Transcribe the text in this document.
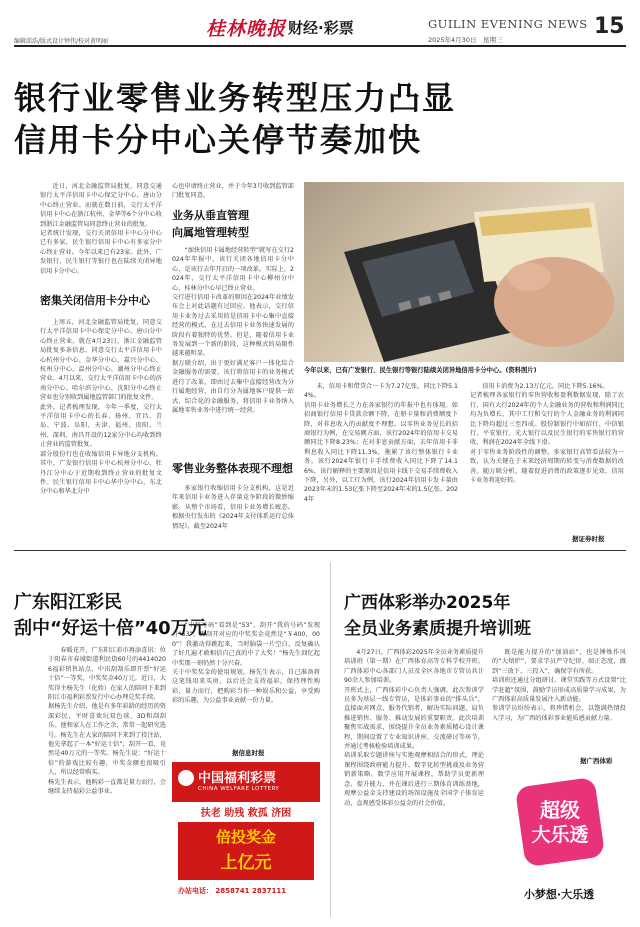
编辑邱浩/版式设计钟伟/校对黄明丽
桂林晚报 财经·彩票	GUILIN EVENING NEWS
2025年4月30日　星期三
15
银行业零售业务转型压力凸显
信用卡分中心关停节奏加快
近日，河北金融监管局批复，同意交通银行太平洋信用卡中心保定分中心、唐山分中心终止营业。而就在数日前，交行太平洋信用卡中心在浙江杭州、金华等6个分中心收到浙江金融监管局同意终止营业的批复。
记者统计发现，交行关闭信用卡中心分中心已有多家，民生银行信用卡中心有多家分中心终止营业。今年以来已有23家。此外，广发银行、民生银行等银行也在陆续关闭异地信用卡分中心。
密集关闭信用卡分中心
上周五，河北金融监管局批复，同意交行太平洋信用卡中心保定分中心、唐山分中心终止营业。就在4月23日，浙江金融监管局批复多条信息，同意交行太平洋信用卡中心杭州分中心、金华分中心、嘉兴分中心、杭州分中心、温州分中心、湖州分中心终止营业。4月以来，交行太平洋信用卡中心的济南分中心、哈尔滨分中心、沈阳分中心终止营业也分别收到属地监管部门的批复文件。
此外，记者梳理发现，今年一季度，交行太平洋信用卡中心的长春、扬州、宜昌、青岛、宁波、阜阳、天津、福州、贵阳、兰州、深圳、南昌开设的12家分中心均收到终止营业的监管批复。
部分股份行也在收缩信用卡异地分支机构。其中，广发银行信用卡中心杭州分中心、牡丹江分中心于近期收到终止营业的批复文件。民生银行信用卡中心华中分中心、东北分中心和华北分中
心也申请终止营业，并于今年3月收到监管部门批复同意。
业务从垂直管理
向属地管理转型
“加快信用卡属地经营转型”就写在交行2024年年报中，该行关闭各地信用卡分中心，是该行去年开启的一项改革。实际上，2024年，交行太平洋信用卡中心柳州分中心、桂林分中心早已终止营业。
交行进行信用卡改革的原因在2024年业绩发布会上对此话题有过回应。他表示，交行信用卡业务过去采用的是信用卡中心集中直接经营的模式，在过去信用卡业务快速发展的阶段有着独特的优势。但是，随着信用卡业务发展到一个新的阶段，这种模式的局限性越来越明显。
据万联介绍，出于更好满足客户一体化综合金融服务的需要，该行将信用卡的业务模式进行了改革，即由过去集中直接经营改为分行属地经营，由自行分为属地客户提供一站式、综合化的金融服务，将信用卡业务纳入属地零售业务中进行统一经营。
零售业务整体表现不理想
多家银行收缩信用卡分支机构，这是近年来信用卡业务进入存量竞争阶段的微妙缩影。从整个市场看，信用卡业务增长疲态。根据央行发布的《2024年支付体系运行总体情况》，截至2024年
今年以来，已有广发银行、民生银行等银行陆续关闭异地信用卡分中心。(资料图片)
末，信用卡和借贷合一卡为7.27亿张，同比下降5.14%。
信用卡业务增长乏力在各家银行的年报中也有体现。如招商银行信用卡贷款余额下降，在册卡量和消费额度下降，对非息收入的贡献度不理想。以零售业务见长的招商银行为例，在交易额方面，该行2024年的信用卡交易额同比下降8.23%；在对非息贡献方面，去年信用卡非利息收入同比下降11.3%，拖累了该行整体银行卡业务。该行2024年银行卡手续费收入同比下降了14.16%，该行解释的主要原因是信用卡线下交易手续费收入下降，另外，以工行为例，该行2024年信用卡发卡量由2023年末的1.53亿张下降至2024年末的1.5亿张。2024年
信用卡消费为2.13万亿元，同比下降5.16%。
记者梳理各家银行的零售营收和盈利数据发现，除了农行、国有大行2024年的个人金融业务的营收和利润同比均为负增长，其中工行和交行的个人金融业务的利润同比下降均超过三至四成。股份制银行中如招行、中信银行、平安银行、光大银行以及民生银行的零售银行的营收、利润在2024年全线下滑。
对于零售业务阶段性的调整，多家银行高管看法较为一致，认为关键在于未来经济周期的转变与消费数据的改善。随万联分析，随着促进消费的政策逐步见效，信用卡业务将迎好转。
据证券时报
广东阳江彩民
刮中“好运十倍”40万元
春暖花开，广东阳江彩市再添喜讯：位于阳春市春城街道利民街60号的44140206福彩销售站点，中出刮刮乐即开票“好运十倍”一等奖，中奖奖金40万元。近日，大奖得主杨先生（化姓）在家人的陪同下来到阳江市福利彩票发行中心办理兑奖手续。
据杨先生介绍，他是有多年彩龄的经历的资深彩民，平时喜欢玩双色球、3D和刮刮乐。他和家人在工作之余，常常一起研究选号。杨先生在大家的陪同下来到了投注站，他先拿起了一本“好运十倍”，刮开一看，竟然是40万元的一等奖。杨先生说：“好运十倍”的游戏比较有趣，中奖金额也很吸引人，所以经常购买。
杨先生表示，他购彩一直都是量力而行，会继续支持福彩公益事业。
“中奖号码”看到是“53”，刮开“我的号码”发现有“53”，再刮开对应的中奖奖金竟然是“￥400，000”！我激动得跳起来，当时脑袋一片空白，反复确认了好几遍才敢相信自己真的中了大奖！”杨先生回忆起中奖那一刻仍然十分兴奋。
关于中奖奖金的使用规划，杨先生表示，自己准备将这笔钱用来买房，以后还会支持福彩，保持理性购彩，量力而行，把购彩当作一种娱乐和公益，享受购彩的乐趣，为公益事业贡献一份力量。
据信息时报
中国福利彩票
CHINA WELFARE LOTTERY
扶老 助残 救孤 济困
倍投奖金
上亿元
办站电话： 2858741 2837111
广西体彩举办2025年
全员业务素质提升培训班
4月27日，广西体彩2025年全员业务素质提升培训班（第一期）在广西体育高等专科学校开班。广西体彩中心各部门人员及全区各地市专管员共计90余人参加培训。
开班式上，广西体彩中心负责人强调，此次参训学员多为基层一线专管员，是体彩事业的“排头兵”，直接面对网点、服务代销者，解决实际问题，肩负推进销售、服务、推动发展的重要职责。此次培训聚焦实战需求，围绕提升全员业务素质精心设计课程，期间设置了专业知识讲座、交流研讨等环节，并通过考核检验培训成果。
培训采取专题讲座与实地观摩相结合的形式，理论课程围绕政府能力提升、数字化转型挑战及业务营销新策略、数学应用开展课程，帮助学员更新理念、提升能力，并在课后进行三期体育训练基地，观摩公益金支持建设的场馆设施及全国学子体育运动，直观感受体彩公益金的社会价值。
既是能力提升的“加油站”，也是锤炼作风的“大熔炉”，要求学员严守纪律、端正态度，做到“三放下、三投入”，确保学有所获。
培训班还通过分组研讨、课堂实践等方式设置“比学赶超”氛围，鼓励学员形成高质量学习成果，为广西体彩高质量发展注入新动能。
参训学员纷纷表示，将珍惜机会，以饱满热情投入学习，为广西的体彩事业能质感贡献力量。
据广西体彩
超级
大乐透
小梦想·大乐透
